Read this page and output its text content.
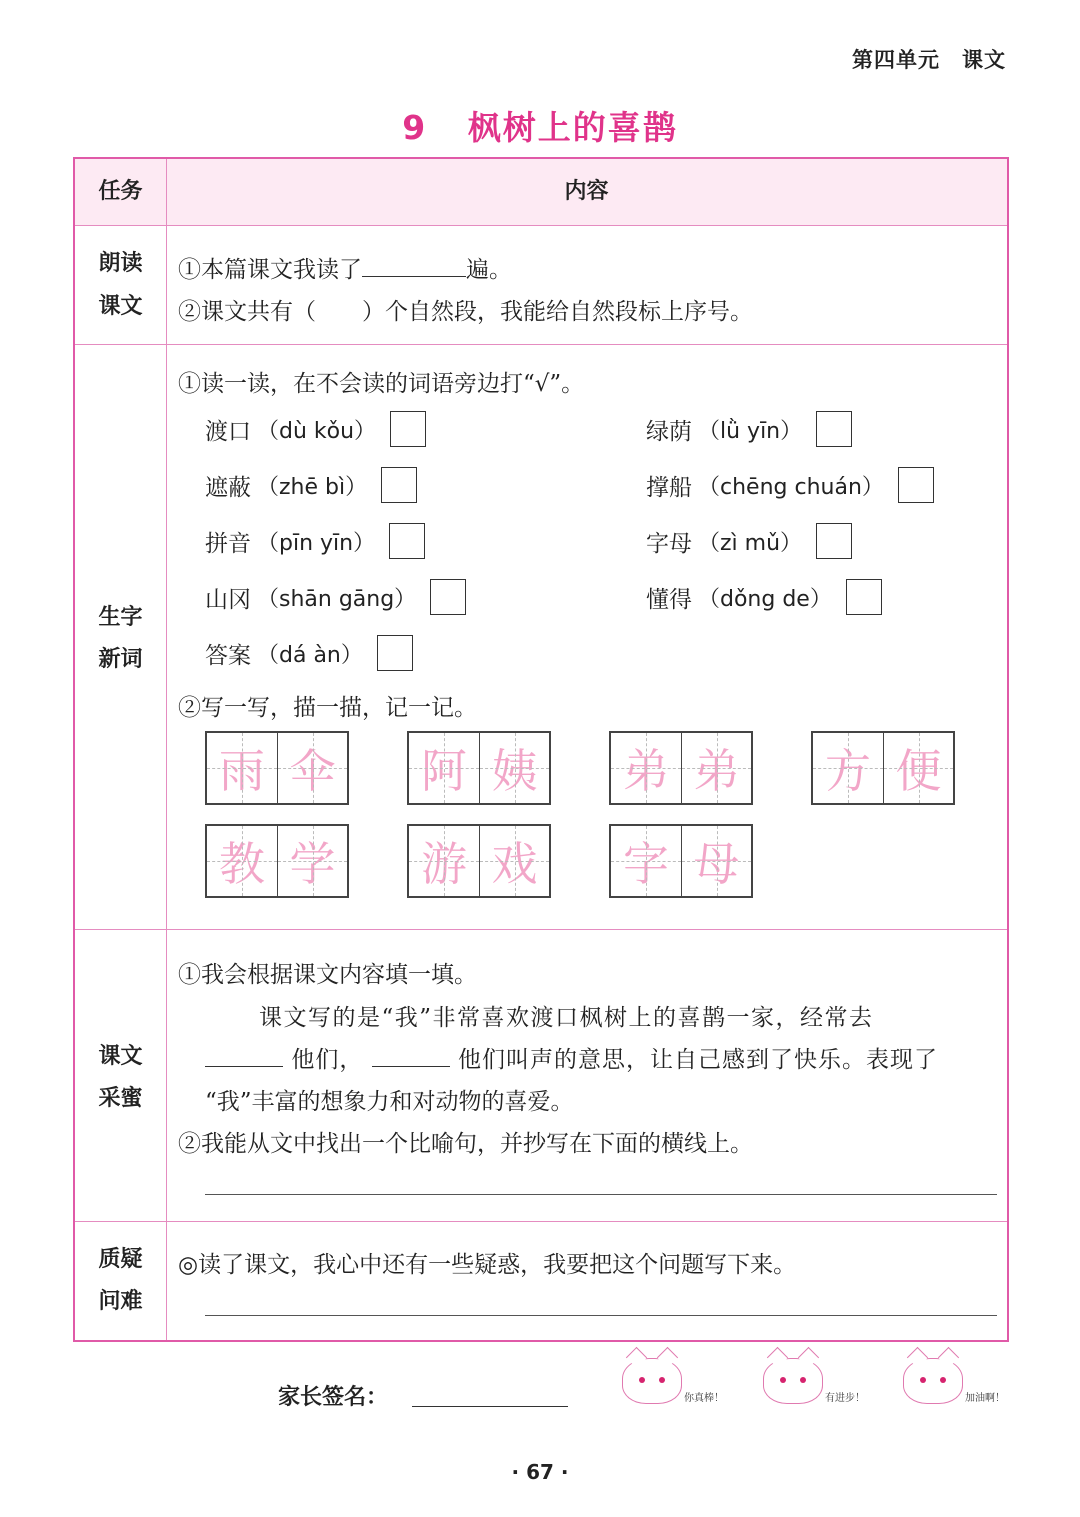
第四单元　课文
9 枫树上的喜鹊
任务	内容
朗读
课文
①本篇课文我读了	遍。
②课文共有（　　）个自然段，我能给自然段标上序号。
生字
新词
①读一读，在不会读的词语旁边打“√”。
渡口 （dù kǒu）	绿荫 （lǜ yīn）
遮蔽 （zhē bì）	撑船 （chēng chuán）
拼音 （pīn yīn）	字母 （zì mǔ）
山冈 （shān gāng）	懂得 （dǒng de）
答案 （dá àn）
②写一写，描一描，记一记。
雨 伞 阿 姨 弟 弟 方 便
教 学 游 戏 字 母
课文
采蜜
①我会根据课文内容填一填。
课文写的是“我”非常喜欢渡口枫树上的喜鹊一家，经常去
他们，	他们叫声的意思，让自己感到了快乐。表现了
“我”丰富的想象力和对动物的喜爱。
②我能从文中找出一个比喻句，并抄写在下面的横线上。
质疑
问难
◎读了课文，我心中还有一些疑惑，我要把这个问题写下来。
家长签名：	你真棒！	有进步！	加油啊！
· 67 ·
